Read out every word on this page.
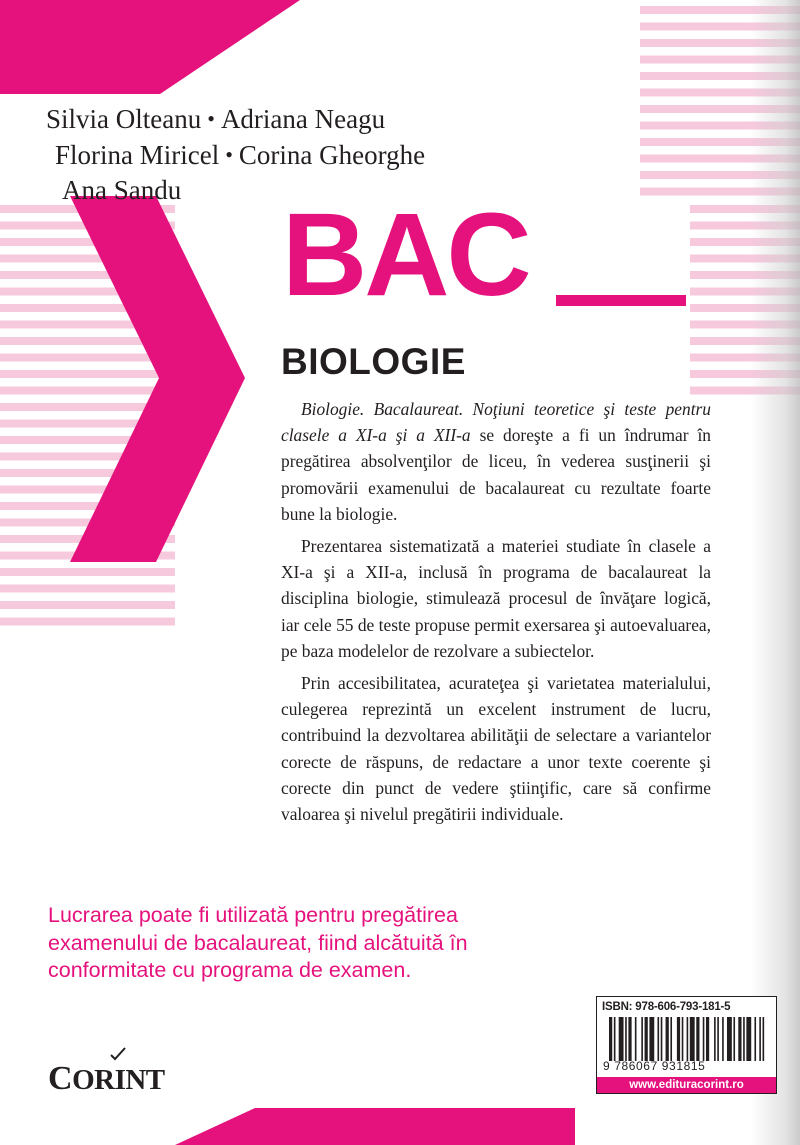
Silvia Olteanu • Adriana Neagu
Florina Miricel • Corina Gheorghe
Ana Sandu BAC
BIOLOGIE

Biologie. Bacalaureat. Noţiuni teoretice şi teste pentru clasele a XI-a şi a XII-a se doreşte a fi un îndrumar în pregătirea absolvenţilor de liceu, în vederea susţinerii şi promovării examenului de bacalaureat cu rezultate foarte bune la biologie.

Prezentarea sistematizată a materiei studiate în clasele a XI-a şi a XII-a, inclusă în programa de bacalaureat la disciplina biologie, stimulează procesul de învăţare logică, iar cele 55 de teste propuse permit exersarea şi autoevaluarea, pe baza modelelor de rezolvare a subiectelor.

Prin accesibilitatea, acurateţea şi varietatea materialului, culegerea reprezintă un excelent instrument de lucru, contribuind la dezvoltarea abilităţii de selectare a variantelor corecte de răspuns, de redactare a unor texte coerente şi corecte din punct de vedere ştiinţific, care să confirme valoarea şi nivelul pregătirii individuale.

Lucrarea poate fi utilizată pentru pregătirea examenului de bacalaureat, fiind alcătuită în conformitate cu programa de examen.
CORINT
ISBN: 978-606-793-181-5
9 786067 931815
www.edituracorint.ro
